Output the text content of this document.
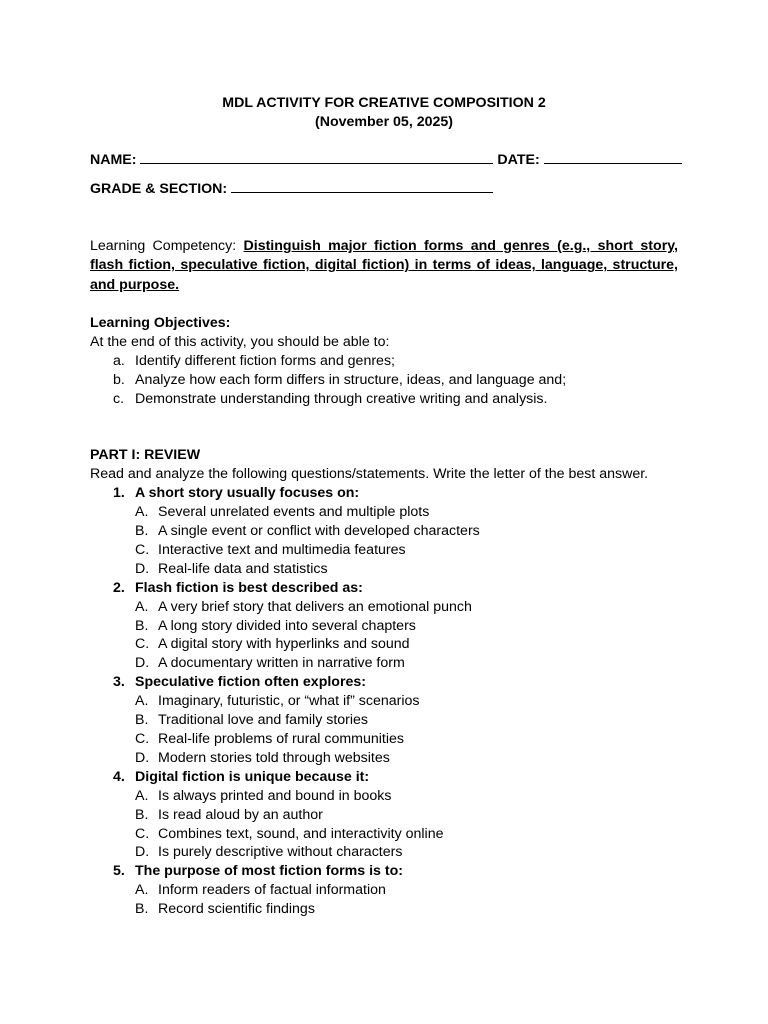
MDL ACTIVITY FOR CREATIVE COMPOSITION 2
(November 05, 2025)
NAME:	DATE:
GRADE & SECTION:
Learning Competency: Distinguish major fiction forms and genres (e.g., short story, flash fiction, speculative fiction, digital fiction) in terms of ideas, language, structure, and purpose.
Learning Objectives:
At the end of this activity, you should be able to:
a. Identify different fiction forms and genres;
b. Analyze how each form differs in structure, ideas, and language and;
c. Demonstrate understanding through creative writing and analysis.
PART I: REVIEW
Read and analyze the following questions/statements. Write the letter of the best answer.
1. A short story usually focuses on:
A. Several unrelated events and multiple plots
B. A single event or conflict with developed characters
C. Interactive text and multimedia features
D. Real-life data and statistics
2. Flash fiction is best described as:
A. A very brief story that delivers an emotional punch
B. A long story divided into several chapters
C. A digital story with hyperlinks and sound
D. A documentary written in narrative form
3. Speculative fiction often explores:
A. Imaginary, futuristic, or “what if” scenarios
B. Traditional love and family stories
C. Real-life problems of rural communities
D. Modern stories told through websites
4. Digital fiction is unique because it:
A. Is always printed and bound in books
B. Is read aloud by an author
C. Combines text, sound, and interactivity online
D. Is purely descriptive without characters
5. The purpose of most fiction forms is to:
A. Inform readers of factual information
B. Record scientific findings
